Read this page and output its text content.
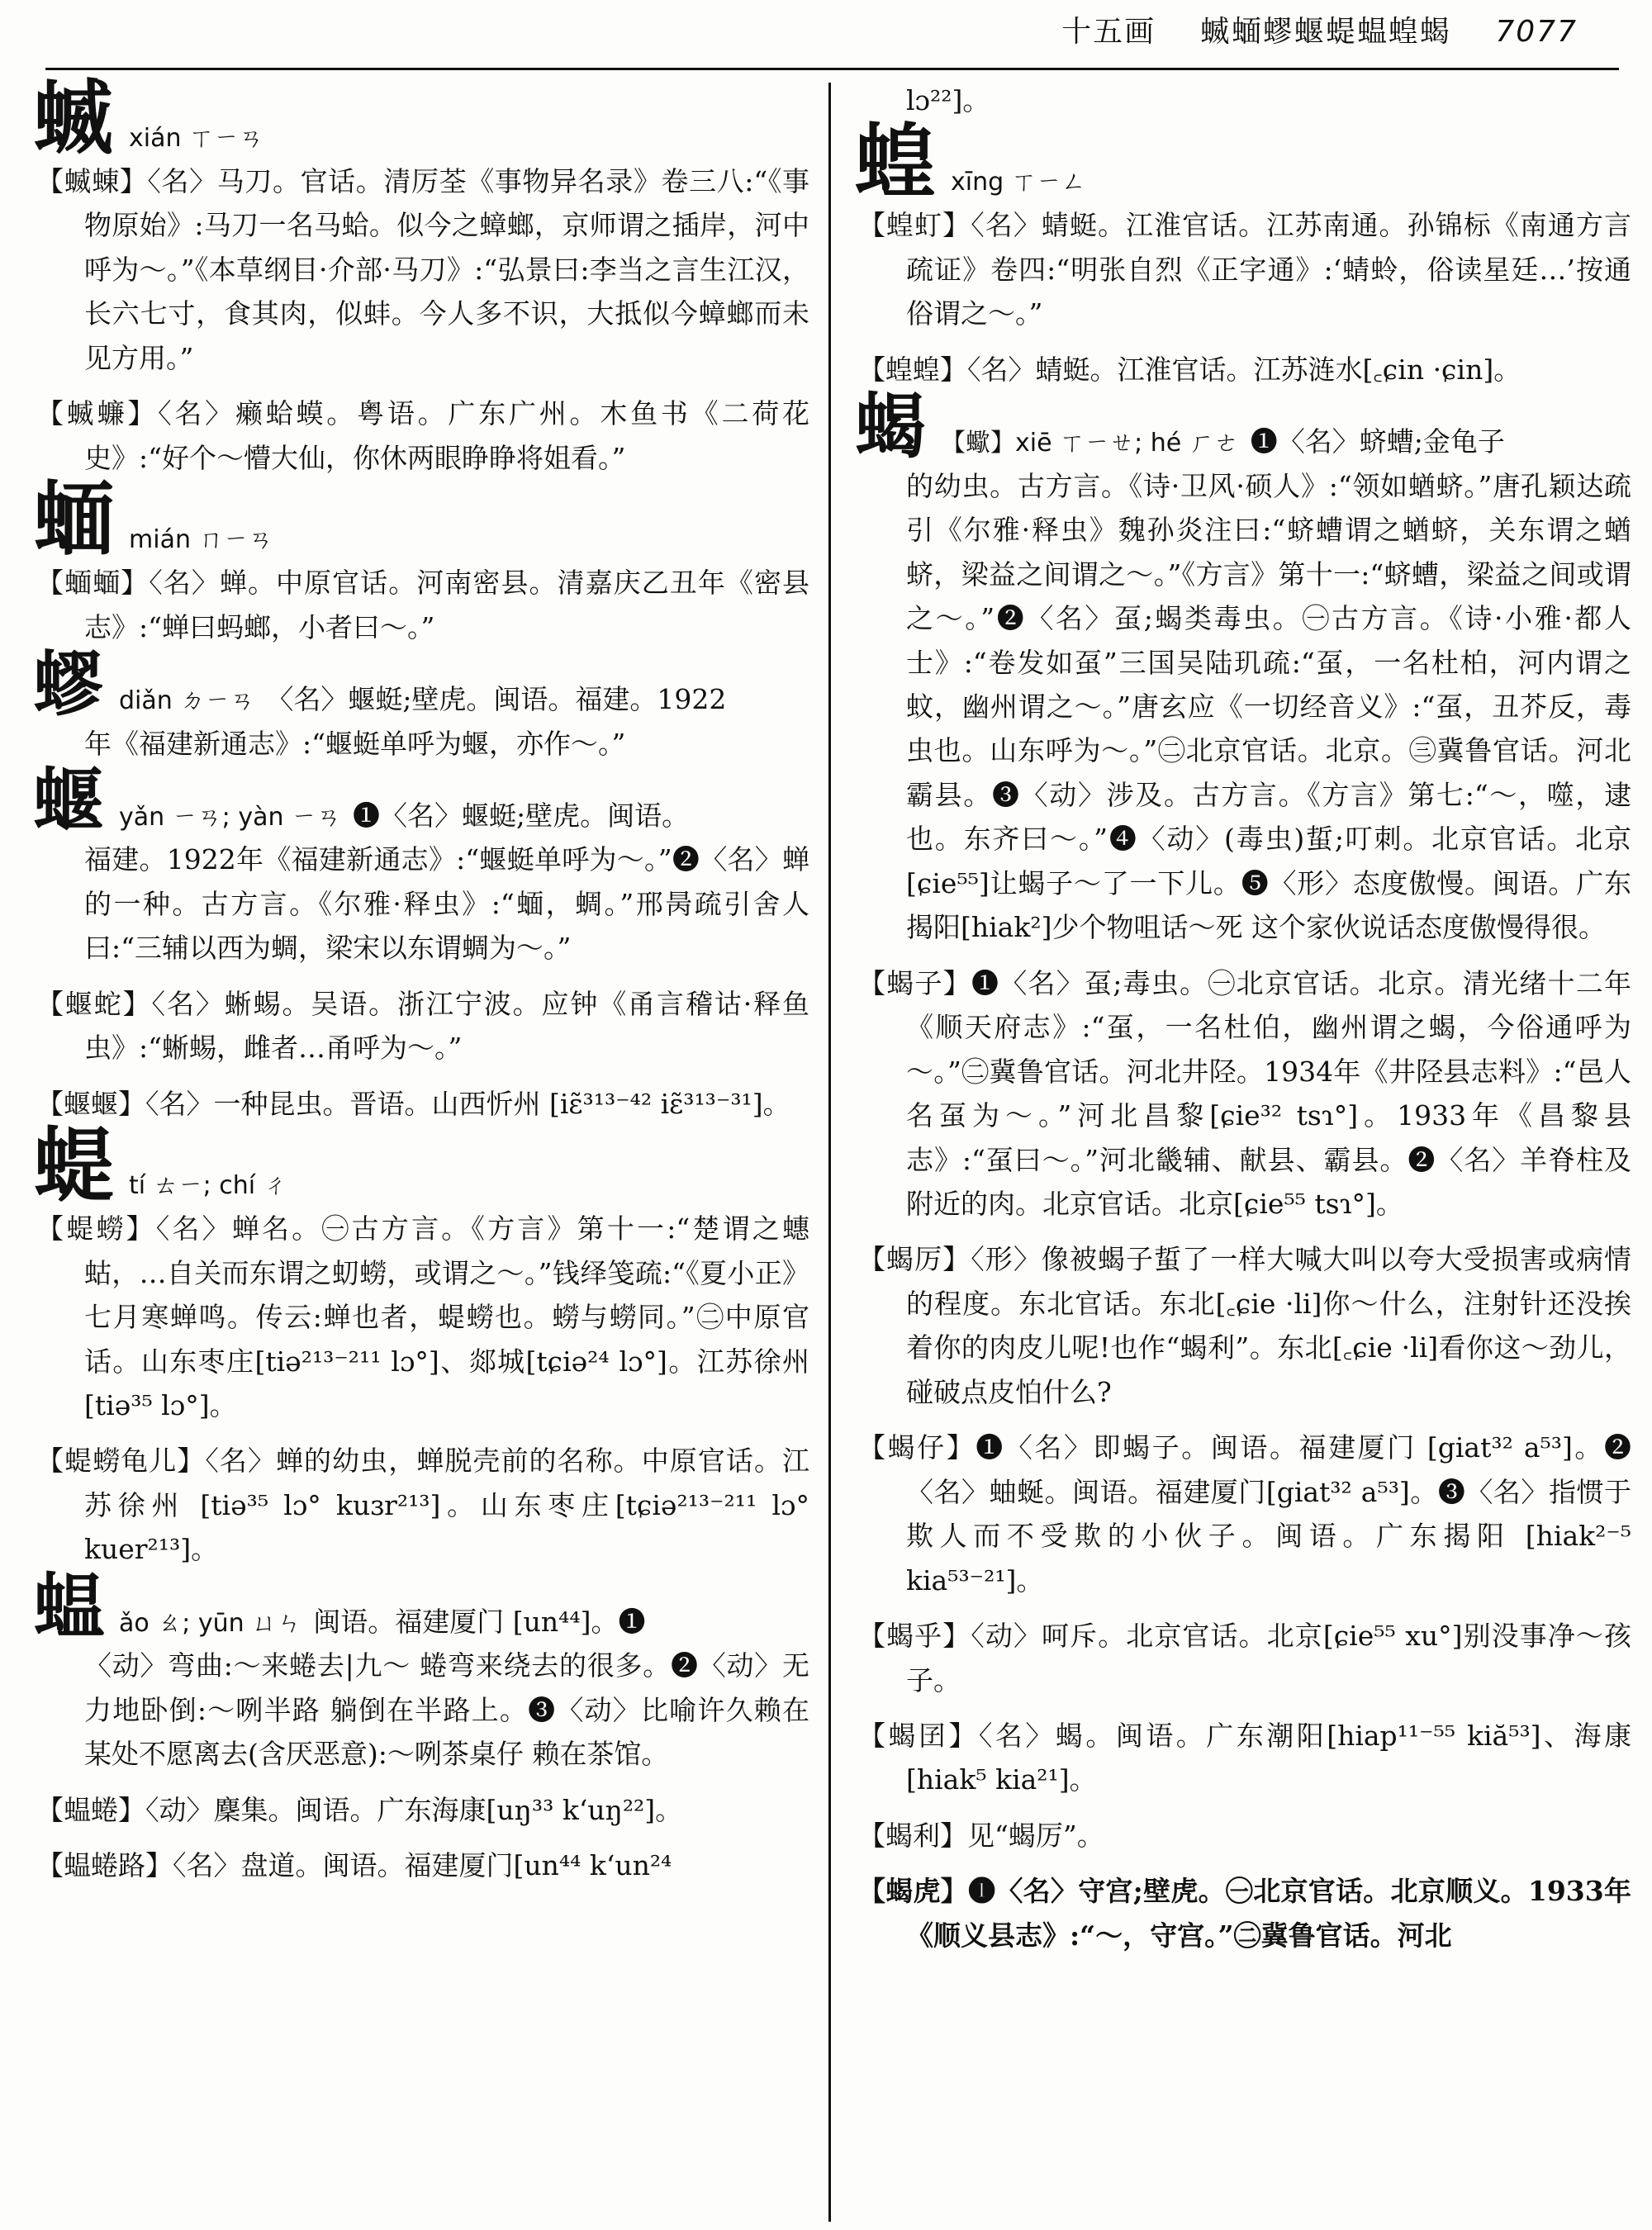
十五画 蝛蝒蟉蝘蝭蝹蝗蝎 7077
蝛 xián ㄒㄧㄢ
【蝛蝀】〈名〉马刀。官话。清厉荃《事物异名录》卷三八:“《事物原始》:马刀一名马蛤。似今之蟑螂，京师谓之插岸，河中呼为～。”《本草纲目·介部·马刀》:“弘景曰:李当之言生江汉，长六七寸，食其肉，似蚌。今人多不识，大抵似今蟑螂而未见方用。”
【蝛蠊】〈名〉癞蛤蟆。粤语。广东广州。木鱼书《二荷花史》:“好个～懵大仙，你休两眼睁睁将姐看。”
蝒 mián ㄇㄧㄢ
【蝒蝒】〈名〉蝉。中原官话。河南密县。清嘉庆乙丑年《密县志》:“蝉曰蚂螂，小者曰～。”
蟉 diǎn ㄉㄧㄢ 〈名〉蝘蜓;壁虎。闽语。福建。1922
年《福建新通志》:“蝘蜓单呼为蝘，亦作～。”
蝘 yǎn ㄧㄢ; yàn ㄧㄢ ❶〈名〉蝘蜓;壁虎。闽语。
福建。1922年《福建新通志》:“蝘蜓单呼为～。”❷〈名〉蝉的一种。古方言。《尔雅·释虫》:“蝒，蜩。”邢昺疏引舍人曰:“三辅以西为蜩，梁宋以东谓蜩为～。”
【蝘蛇】〈名〉蜥蜴。吴语。浙江宁波。应钟《甬言稽诂·释鱼虫》:“蜥蜴，雌者…甬呼为～。”
【蝘蝘】〈名〉一种昆虫。晋语。山西忻州 [iɛ̃³¹³⁻⁴² iɛ̃³¹³⁻³¹]。
蝭 tí ㄊㄧ; chí ㄔ
【蝭蟧】〈名〉蝉名。㊀古方言。《方言》第十一:“楚谓之蟪蛄，…自关而东谓之虭蟧，或谓之～。”钱绎笺疏:“《夏小正》七月寒蝉鸣。传云:蝉也者，蝭蟧也。蟧与蟧同。”㊁中原官话。山东枣庄[tiə²¹³⁻²¹¹ lɔ°]、郯城[tɕiə²⁴ lɔ°]。江苏徐州[tiə³⁵ lɔ°]。
【蝭蟧龟儿】〈名〉蝉的幼虫，蝉脱壳前的名称。中原官话。江苏徐州 [tiə³⁵ lɔ° kuɜr²¹³]。山东枣庄[tɕiə²¹³⁻²¹¹ lɔ° kuer²¹³]。
蝹 ǎo ㄠ; yūn ㄩㄣ 闽语。福建厦门 [un⁴⁴]。❶
〈动〉弯曲:～来蜷去|九～ 蜷弯来绕去的很多。❷〈动〉无力地卧倒:～咧半路 躺倒在半路上。❸〈动〉比喻许久赖在某处不愿离去(含厌恶意):～咧茶桌仔 赖在茶馆。
【蝹蜷】〈动〉麇集。闽语。广东海康[uŋ³³ k‘uŋ²²]。
【蝹蜷路】〈名〉盘道。闽语。福建厦门[un⁴⁴ k‘un²⁴
lɔ²²]。
蝗 xīng ㄒㄧㄥ
【蝗虰】〈名〉蜻蜓。江淮官话。江苏南通。孙锦标《南通方言疏证》卷四:“明张自烈《正字通》:‘蜻蛉，俗读星廷…’按通俗谓之～。”
【蝗蝗】〈名〉蜻蜓。江淮官话。江苏涟水[꜀ɕin ·ɕin]。
蝎 【蠍】xiē ㄒㄧㄝ; hé ㄏㄜ ❶〈名〉蛴螬;金龟子
的幼虫。古方言。《诗·卫风·硕人》:“领如蝤蛴。”唐孔颖达疏引《尔雅·释虫》魏孙炎注曰:“蛴螬谓之蝤蛴，关东谓之蝤蛴，梁益之间谓之～。”《方言》第十一:“蛴螬，梁益之间或谓之～。”❷〈名〉虿;蝎类毒虫。㊀古方言。《诗·小雅·都人士》:“卷发如虿”三国吴陆玑疏:“虿，一名杜柏，河内谓之蚊，幽州谓之～。”唐玄应《一切经音义》:“虿，丑芥反，毒虫也。山东呼为～。”㊁北京官话。北京。㊂冀鲁官话。河北霸县。❸〈动〉涉及。古方言。《方言》第七:“～，噬，逮也。东齐曰～。”❹〈动〉(毒虫)蜇;叮刺。北京官话。北京[ɕie⁵⁵]让蝎子～了一下儿。❺〈形〉态度傲慢。闽语。广东揭阳[hiak²]少个物咀话～死 这个家伙说话态度傲慢得很。
【蝎子】❶〈名〉虿;毒虫。㊀北京官话。北京。清光绪十二年《顺天府志》:“虿，一名杜伯，幽州谓之蝎，今俗通呼为～。”㊁冀鲁官话。河北井陉。1934年《井陉县志料》:“邑人名虿为～。”河北昌黎[ɕie³² tsɿ°]。1933年《昌黎县志》:“虿曰～。”河北畿辅、献县、霸县。❷〈名〉羊脊柱及附近的肉。北京官话。北京[ɕie⁵⁵ tsɿ°]。
【蝎厉】〈形〉像被蝎子蜇了一样大喊大叫以夸大受损害或病情的程度。东北官话。东北[꜀ɕie ·li]你～什么，注射针还没挨着你的肉皮儿呢!也作“蝎利”。东北[꜀ɕie ·li]看你这～劲儿，碰破点皮怕什么?
【蝎仔】❶〈名〉即蝎子。闽语。福建厦门 [giat³² a⁵³]。❷〈名〉蚰蜒。闽语。福建厦门[giat³² a⁵³]。❸〈名〉指惯于欺人而不受欺的小伙子。闽语。广东揭阳 [hiak²⁻⁵ kia⁵³⁻²¹]。
【蝎乎】〈动〉呵斥。北京官话。北京[ɕie⁵⁵ xu°]别没事净～孩子。
【蝎囝】〈名〉蝎。闽语。广东潮阳[hiap¹¹⁻⁵⁵ kiă⁵³]、海康[hiak⁵ kia²¹]。
【蝎利】见“蝎厉”。
【蝎虎】❶〈名〉守宫;壁虎。㊀北京官话。北京顺义。1933年《顺义县志》:“～，守宫。”㊁冀鲁官话。河北
